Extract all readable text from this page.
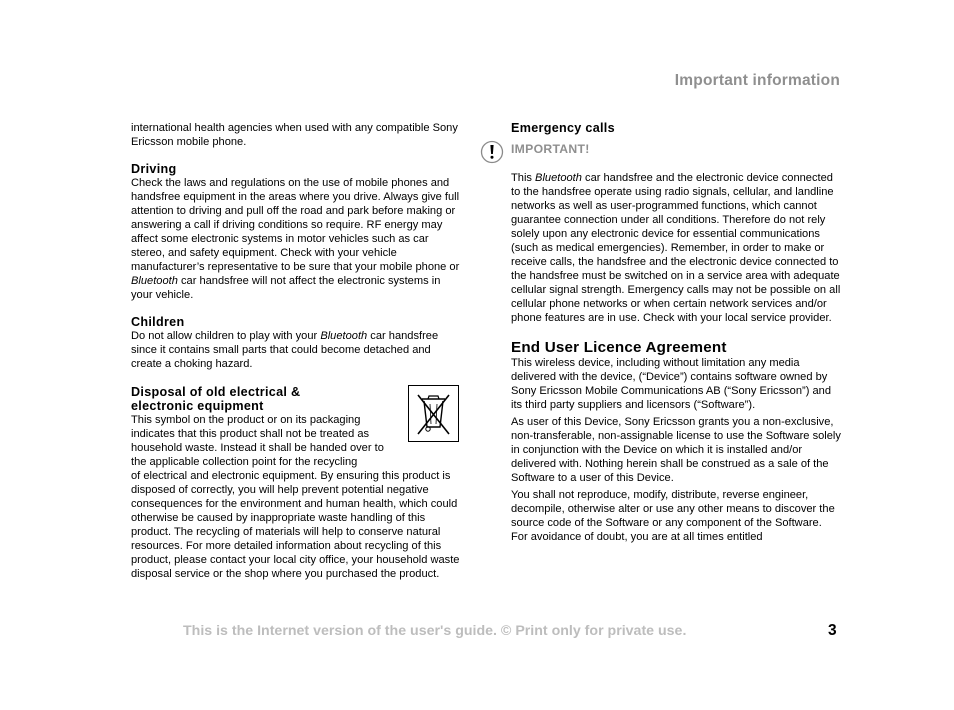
Important information

international health agencies when used with any compatible Sony Ericsson mobile phone.

Driving

Check the laws and regulations on the use of mobile phones and handsfree equipment in the areas where you drive. Always give full attention to driving and pull off the road and park before making or answering a call if driving conditions so require. RF energy may affect some electronic systems in motor vehicles such as car stereo, and safety equipment. Check with your vehicle manufacturer’s representative to be sure that your mobile phone or Bluetooth car handsfree will not affect the electronic systems in your vehicle.

Children

Do not allow children to play with your Bluetooth car handsfree since it contains small parts that could become detached and create a choking hazard.

Disposal of old electrical &

electronic equipment

This symbol on the product or on its packaging indicates that this product shall not be treated as household waste. Instead it shall be handed over to the applicable collection point for the recycling

of electrical and electronic equipment. By ensuring this product is disposed of correctly, you will help prevent potential negative consequences for the environment and human health, which could otherwise be caused by inappropriate waste handling of this product. The recycling of materials will help to conserve natural resources. For more detailed information about recycling of this product, please contact your local city office, your household waste disposal service or the shop where you purchased the product.

Emergency calls

IMPORTANT!

This Bluetooth car handsfree and the electronic device connected to the handsfree operate using radio signals, cellular, and landline networks as well as user-programmed functions, which cannot guarantee connection under all conditions. Therefore do not rely solely upon any electronic device for essential communications (such as medical emergencies). Remember, in order to make or receive calls, the handsfree and the electronic device connected to the handsfree must be switched on in a service area with adequate cellular signal strength. Emergency calls may not be possible on all cellular phone networks or when certain network services and/or phone features are in use. Check with your local service provider.

End User Licence Agreement

This wireless device, including without limitation any media delivered with the device, (“Device”) contains software owned by Sony Ericsson Mobile Communications AB (“Sony Ericsson”) and its third party suppliers and licensors (“Software”).

As user of this Device, Sony Ericsson grants you a non-exclusive, non-transferable, non-assignable license to use the Software solely in conjunction with the Device on which it is installed and/or delivered with. Nothing herein shall be construed as a sale of the Software to a user of this Device.

You shall not reproduce, modify, distribute, reverse engineer, decompile, otherwise alter or use any other means to discover the source code of the Software or any component of the Software. For avoidance of doubt, you are at all times entitled

This is the Internet version of the user's guide. © Print only for private use.	3
